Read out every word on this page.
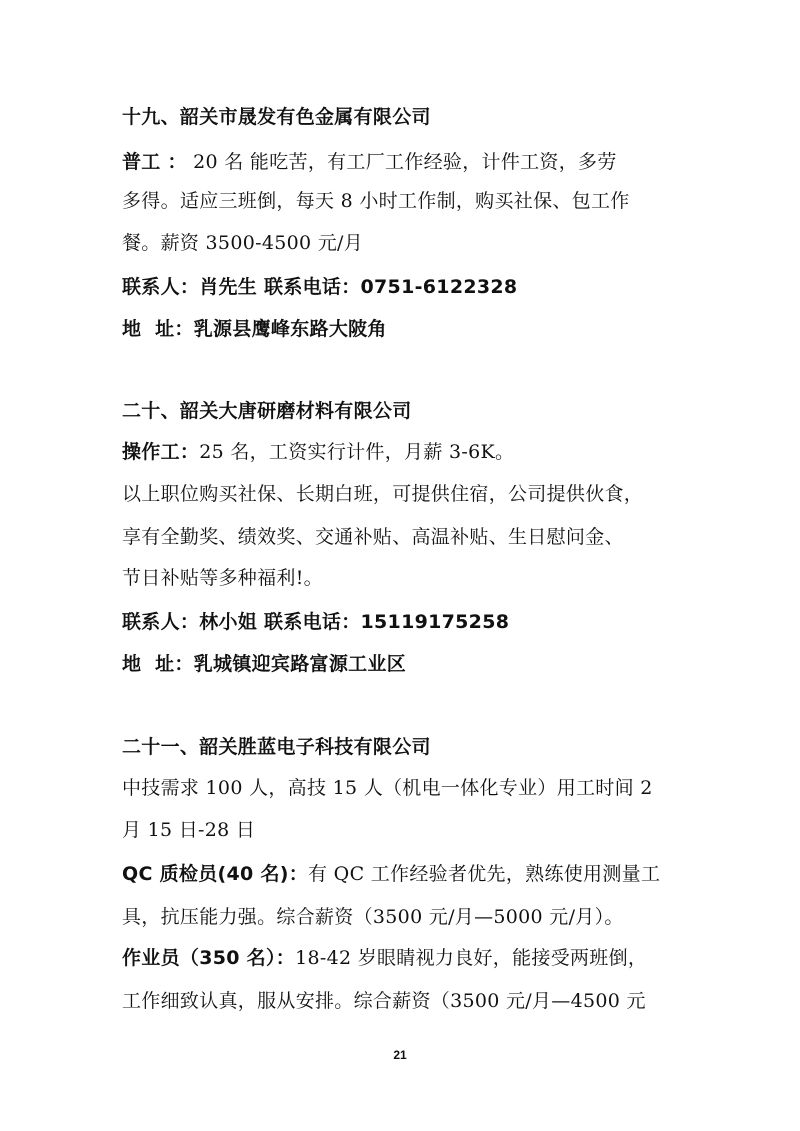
十九、韶关市晟发有色金属有限公司
普工 ： 20 名 能吃苦，有工厂工作经验，计件工资，多劳
多得。适应三班倒，每天 8 小时工作制，购买社保、包工作
餐。薪资 3500-4500 元/月
联系人：肖先生 联系电话：0751-6122328
地  址：乳源县鹰峰东路大陂角
二十、韶关大唐研磨材料有限公司
操作工：25 名，工资实行计件，月薪 3-6K。
以上职位购买社保、长期白班，可提供住宿，公司提供伙食，
享有全勤奖、绩效奖、交通补贴、高温补贴、生日慰问金、
节日补贴等多种福利!。
联系人：林小姐 联系电话：15119175258
地  址：乳城镇迎宾路富源工业区
二十一、韶关胜蓝电子科技有限公司
中技需求 100 人，高技 15 人（机电一体化专业）用工时间 2
月 15 日-28 日
QC 质检员(40 名)：有 QC 工作经验者优先，熟练使用测量工
具，抗压能力强。综合薪资（3500 元/月—5000 元/月）。
作业员（350 名）：18-42 岁眼睛视力良好，能接受两班倒，
工作细致认真，服从安排。综合薪资（3500 元/月—4500 元
21
